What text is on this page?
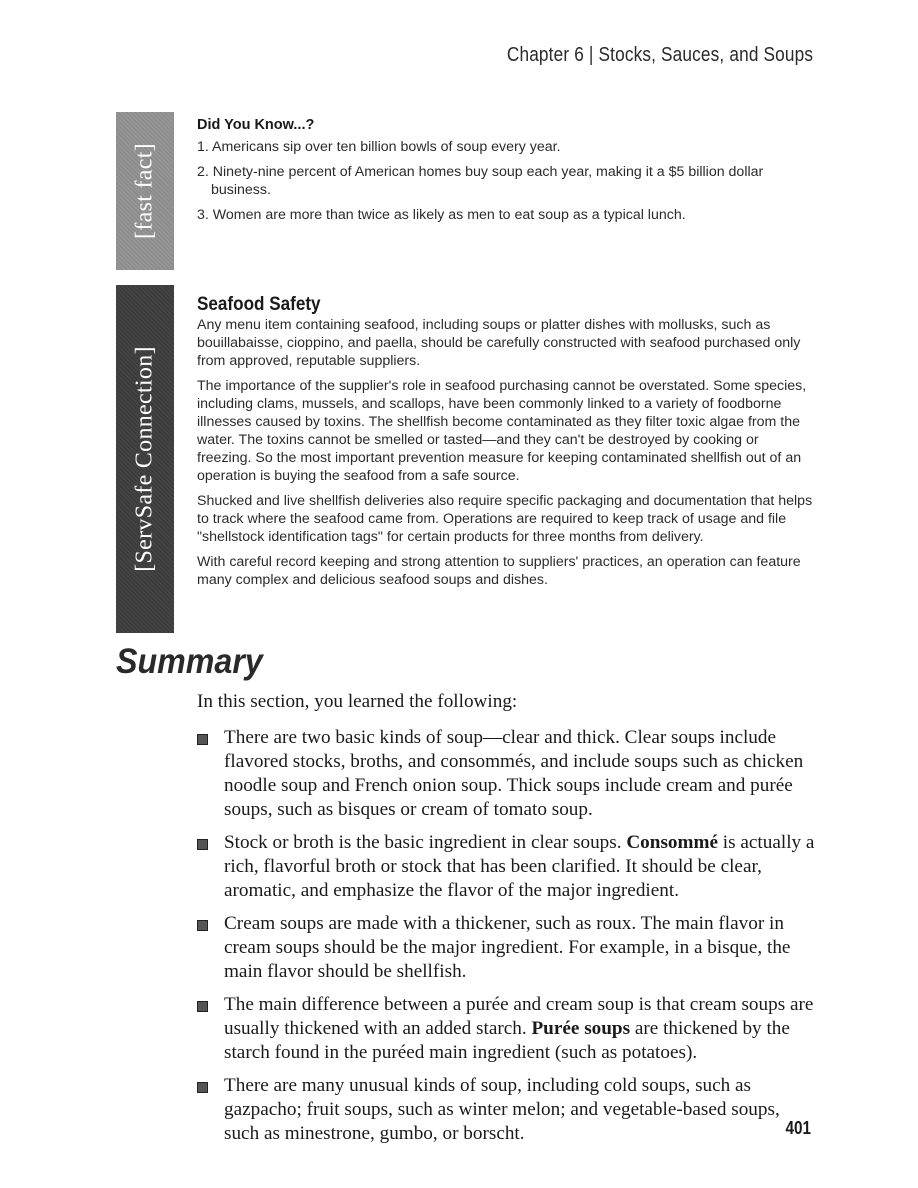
Chapter 6 | Stocks, Sauces, and Soups
[fast fact]
Did You Know...?
1. Americans sip over ten billion bowls of soup every year.
2. Ninety-nine percent of American homes buy soup each year, making it a $5 billion dollar business.
3. Women are more than twice as likely as men to eat soup as a typical lunch.
[ServSafe Connection]
Seafood Safety

Any menu item containing seafood, including soups or platter dishes with mollusks, such as bouillabaisse, cioppino, and paella, should be carefully constructed with seafood purchased only from approved, reputable suppliers.

The importance of the supplier's role in seafood purchasing cannot be overstated. Some species, including clams, mussels, and scallops, have been commonly linked to a variety of foodborne illnesses caused by toxins. The shellfish become contaminated as they filter toxic algae from the water. The toxins cannot be smelled or tasted—and they can't be destroyed by cooking or freezing. So the most important prevention measure for keeping contaminated shellfish out of an operation is buying the seafood from a safe source.

Shucked and live shellfish deliveries also require specific packaging and documentation that helps to track where the seafood came from. Operations are required to keep track of usage and file "shellstock identification tags" for certain products for three months from delivery.

With careful record keeping and strong attention to suppliers' practices, an operation can feature many complex and delicious seafood soups and dishes.

Summary

In this section, you learned the following:

There are two basic kinds of soup—clear and thick. Clear soups include flavored stocks, broths, and consommés, and include soups such as chicken noodle soup and French onion soup. Thick soups include cream and purée soups, such as bisques or cream of tomato soup.
Stock or broth is the basic ingredient in clear soups. Consommé is actually a rich, flavorful broth or stock that has been clarified. It should be clear, aromatic, and emphasize the flavor of the major ingredient.
Cream soups are made with a thickener, such as roux. The main flavor in cream soups should be the major ingredient. For example, in a bisque, the main flavor should be shellfish.
The main difference between a purée and cream soup is that cream soups are usually thickened with an added starch. Purée soups are thickened by the starch found in the puréed main ingredient (such as potatoes).
There are many unusual kinds of soup, including cold soups, such as gazpacho; fruit soups, such as winter melon; and vegetable-based soups, such as minestrone, gumbo, or borscht.	401
